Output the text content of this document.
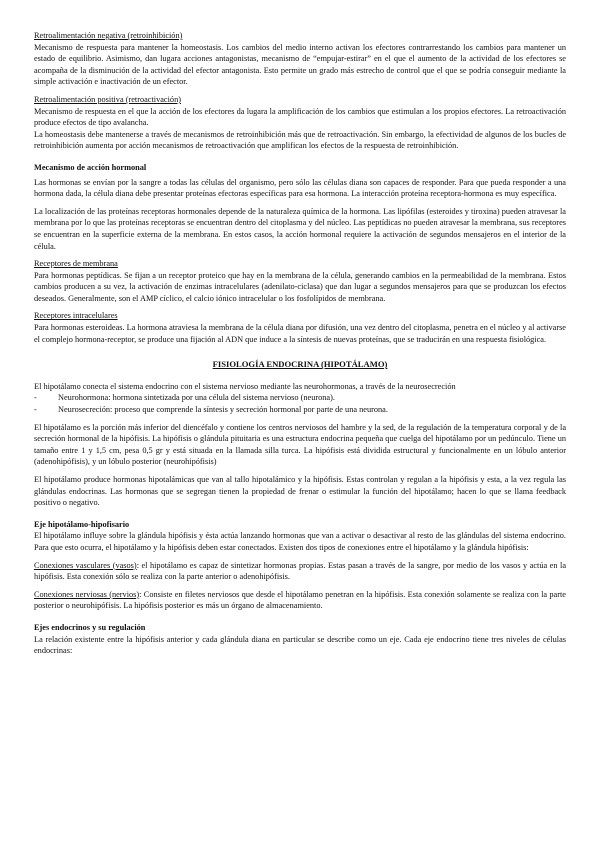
Retroalimentación negativa (retroinhibición)

Mecanismo de respuesta para mantener la homeostasis. Los cambios del medio interno activan los efectores contrarrestando los cambios para mantener un estado de equilibrio. Asimismo, dan lugara acciones antagonistas, mecanismo de “empujar-estirar” en el que el aumento de la actividad de los efectores se acompaña de la disminución de la actividad del efector antagonista. Esto permite un grado más estrecho de control que el que se podría conseguir mediante la simple activación e inactivación de un efector.

Retroalimentación positiva (retroactivación)

Mecanismo de respuesta en el que la acción de los efectores da lugara la amplificación de los cambios que estimulan a los propios efectores. La retroactivación produce efectos de tipo avalancha.

La homeostasis debe mantenerse a través de mecanismos de retroinhibición más que de retroactivación. Sin embargo, la efectividad de algunos de los bucles de retroinhibición aumenta por acción mecanismos de retroactivación que amplifican los efectos de la respuesta de retroinhibición.

Mecanismo de acción hormonal

Las hormonas se envían por la sangre a todas las células del organismo, pero sólo las células diana son capaces de responder. Para que pueda responder a una hormona dada, la célula diana debe presentar proteínas efectoras específicas para esa hormona. La interacción proteína receptora-hormona es muy específica.

La localización de las proteínas receptoras hormonales depende de la naturaleza química de la hormona. Las lipófilas (esteroides y tiroxina) pueden atravesar la membrana por lo que las proteínas receptoras se encuentran dentro del citoplasma y del núcleo. Las peptídicas no pueden atravesar la membrana, sus receptores se encuentran en la superficie externa de la membrana. En estos casos, la acción hormonal requiere la activación de segundos mensajeros en el interior de la célula.

Receptores de membrana

Para hormonas peptídicas. Se fijan a un receptor proteico que hay en la membrana de la célula, generando cambios en la permeabilidad de la membrana. Estos cambios producen a su vez, la activación de enzimas intracelulares (adenilato-ciclasa) que dan lugar a segundos mensajeros para que se produzcan los efectos deseados. Generalmente, son el AMP cíclico, el calcio iónico intracelular o los fosfolípidos de membrana.

Receptores intracelulares

Para hormonas esteroideas. La hormona atraviesa la membrana de la célula diana por difusión, una vez dentro del citoplasma, penetra en el núcleo y al activarse el complejo hormona-receptor, se produce una fijación al ADN que induce a la síntesis de nuevas proteínas, que se traducirán en una respuesta fisiológica.

FISIOLOGÍA ENDOCRINA (HIPOTÁLAMO)

El hipotálamo conecta el sistema endocrino con el sistema nervioso mediante las neurohormonas, a través de la neurosecreción

-	Neurohormona: hormona sintetizada por una célula del sistema nervioso (neurona).
-	Neurosecreción: proceso que comprende la síntesis y secreción hormonal por parte de una neurona.

El hipotálamo es la porción más inferior del diencéfalo y contiene los centros nerviosos del hambre y la sed, de la regulación de la temperatura corporal y de la secreción hormonal de la hipófisis. La hipófisis o glándula pituitaria es una estructura endocrina pequeña que cuelga del hipotálamo por un pedúnculo. Tiene un tamaño entre 1 y 1,5 cm, pesa 0,5 gr y está situada en la llamada silla turca. La hipófisis está dividida estructural y funcionalmente en un lóbulo anterior (adenohipófisis), y un lóbulo posterior (neurohipófisis)

El hipotálamo produce hormonas hipotalámicas que van al tallo hipotalámico y la hipófisis. Estas controlan y regulan a la hipófisis y esta, a la vez regula las glándulas endocrinas. Las hormonas que se segregan tienen la propiedad de frenar o estimular la función del hipotálamo; hacen lo que se llama feedback positivo o negativo.

Eje hipotálamo-hipofisario

El hipotálamo influye sobre la glándula hipófisis y ésta actúa lanzando hormonas que van a activar o desactivar al resto de las glándulas del sistema endocrino. Para que esto ocurra, el hipotálamo y la hipófisis deben estar conectados. Existen dos tipos de conexiones entre el hipotálamo y la glándula hipófisis:

Conexiones vasculares (vasos): el hipotálamo es capaz de sintetizar hormonas propias. Estas pasan a través de la sangre, por medio de los vasos y actúa en la hipófisis. Esta conexión sólo se realiza con la parte anterior o adenohipófisis.

Conexiones nerviosas (nervios): Consiste en filetes nerviosos que desde el hipotálamo penetran en la hipófisis. Esta conexión solamente se realiza con la parte posterior o neurohipófisis. La hipófisis posterior es más un órgano de almacenamiento.

Ejes endocrinos y su regulación

La relación existente entre la hipófisis anterior y cada glándula diana en particular se describe como un eje. Cada eje endocrino tiene tres niveles de células endocrinas:
